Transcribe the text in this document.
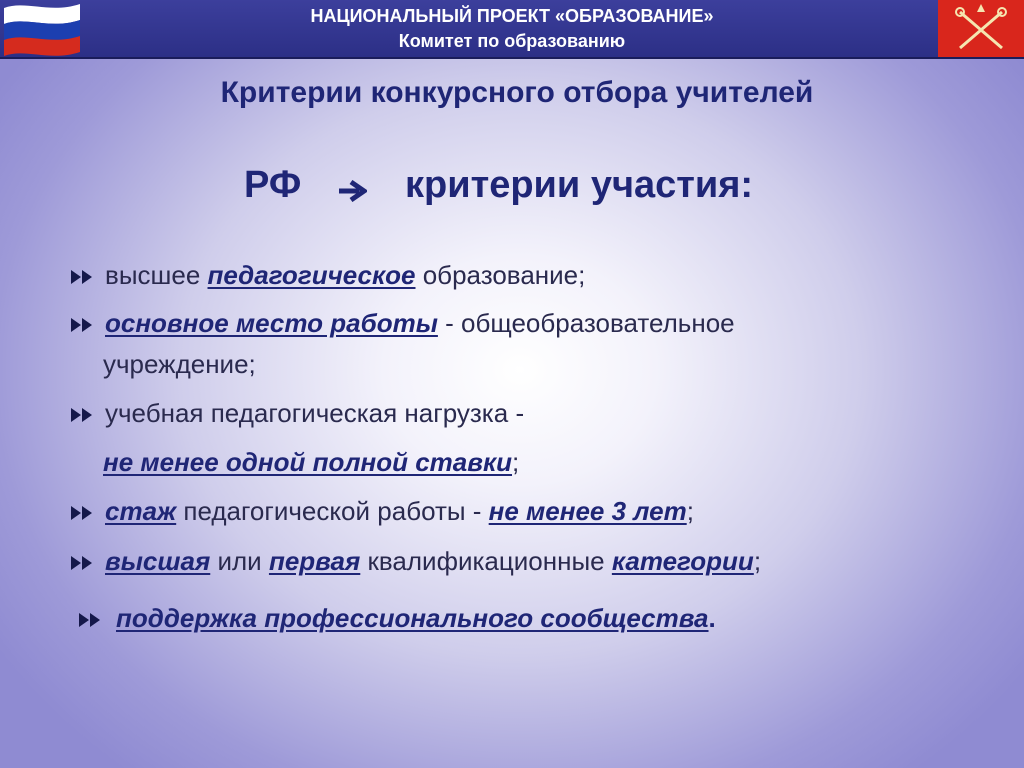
НАЦИОНАЛЬНЫЙ ПРОЕКТ «ОБРАЗОВАНИЕ»
Комитет по образованию
Критерии конкурсного отбора учителей
РФ	критерии участия:
высшее педагогическое образование;
основное место работы - общеобразовательное
учреждение;
учебная педагогическая нагрузка -
не менее одной полной ставки;
стаж педагогической работы - не менее 3 лет;
высшая или первая квалификационные категории;
поддержка профессионального сообщества.
